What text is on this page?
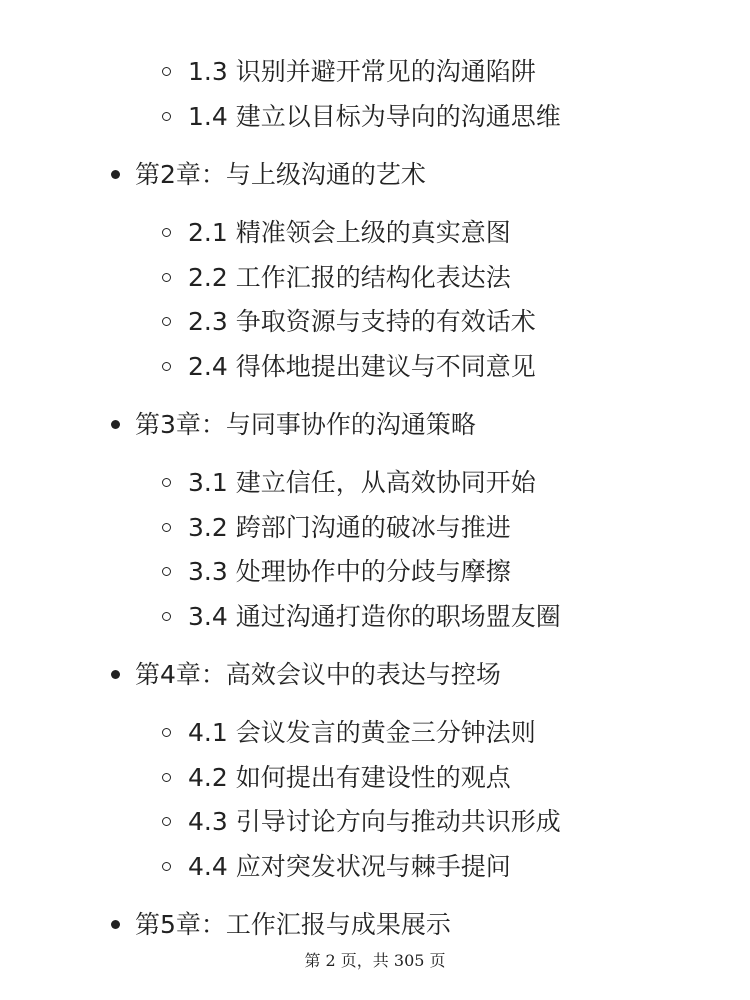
1.3 识别并避开常见的沟通陷阱
1.4 建立以目标为导向的沟通思维
第2章：与上级沟通的艺术
2.1 精准领会上级的真实意图
2.2 工作汇报的结构化表达法
2.3 争取资源与支持的有效话术
2.4 得体地提出建议与不同意见
第3章：与同事协作的沟通策略
3.1 建立信任，从高效协同开始
3.2 跨部门沟通的破冰与推进
3.3 处理协作中的分歧与摩擦
3.4 通过沟通打造你的职场盟友圈
第4章：高效会议中的表达与控场
4.1 会议发言的黄金三分钟法则
4.2 如何提出有建设性的观点
4.3 引导讨论方向与推动共识形成
4.4 应对突发状况与棘手提问
第5章：工作汇报与成果展示
第 2 页，共 305 页
